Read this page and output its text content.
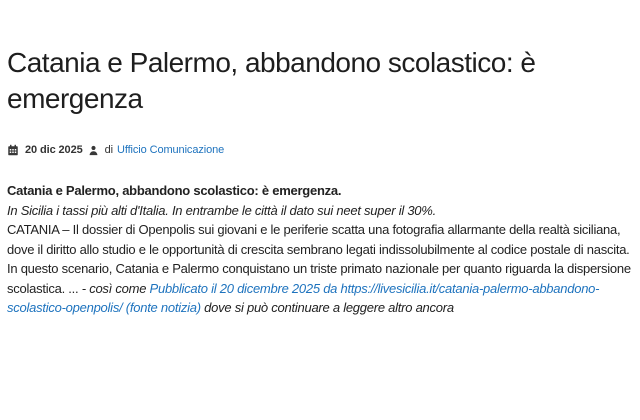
Catania e Palermo, abbandono scolastico: è emergenza
20 dic 2025 di Ufficio Comunicazione
Catania e Palermo, abbandono scolastico: è emergenza.
In Sicilia i tassi più alti d'Italia. In entrambe le città il dato sui neet super il 30%.
CATANIA – Il dossier di Openpolis sui giovani e le periferie scatta una fotografia allarmante della realtà siciliana, dove il diritto allo studio e le opportunità di crescita sembrano legati indissolubilmente al codice postale di nascita. In questo scenario, Catania e Palermo conquistano un triste primato nazionale per quanto riguarda la dispersione scolastica. ... - così come Pubblicato il 20 dicembre 2025 da https://livesicilia.it/catania-palermo-abbandono-scolastico-openpolis/ (fonte notizia) dove si può continuare a leggere altro ancora
